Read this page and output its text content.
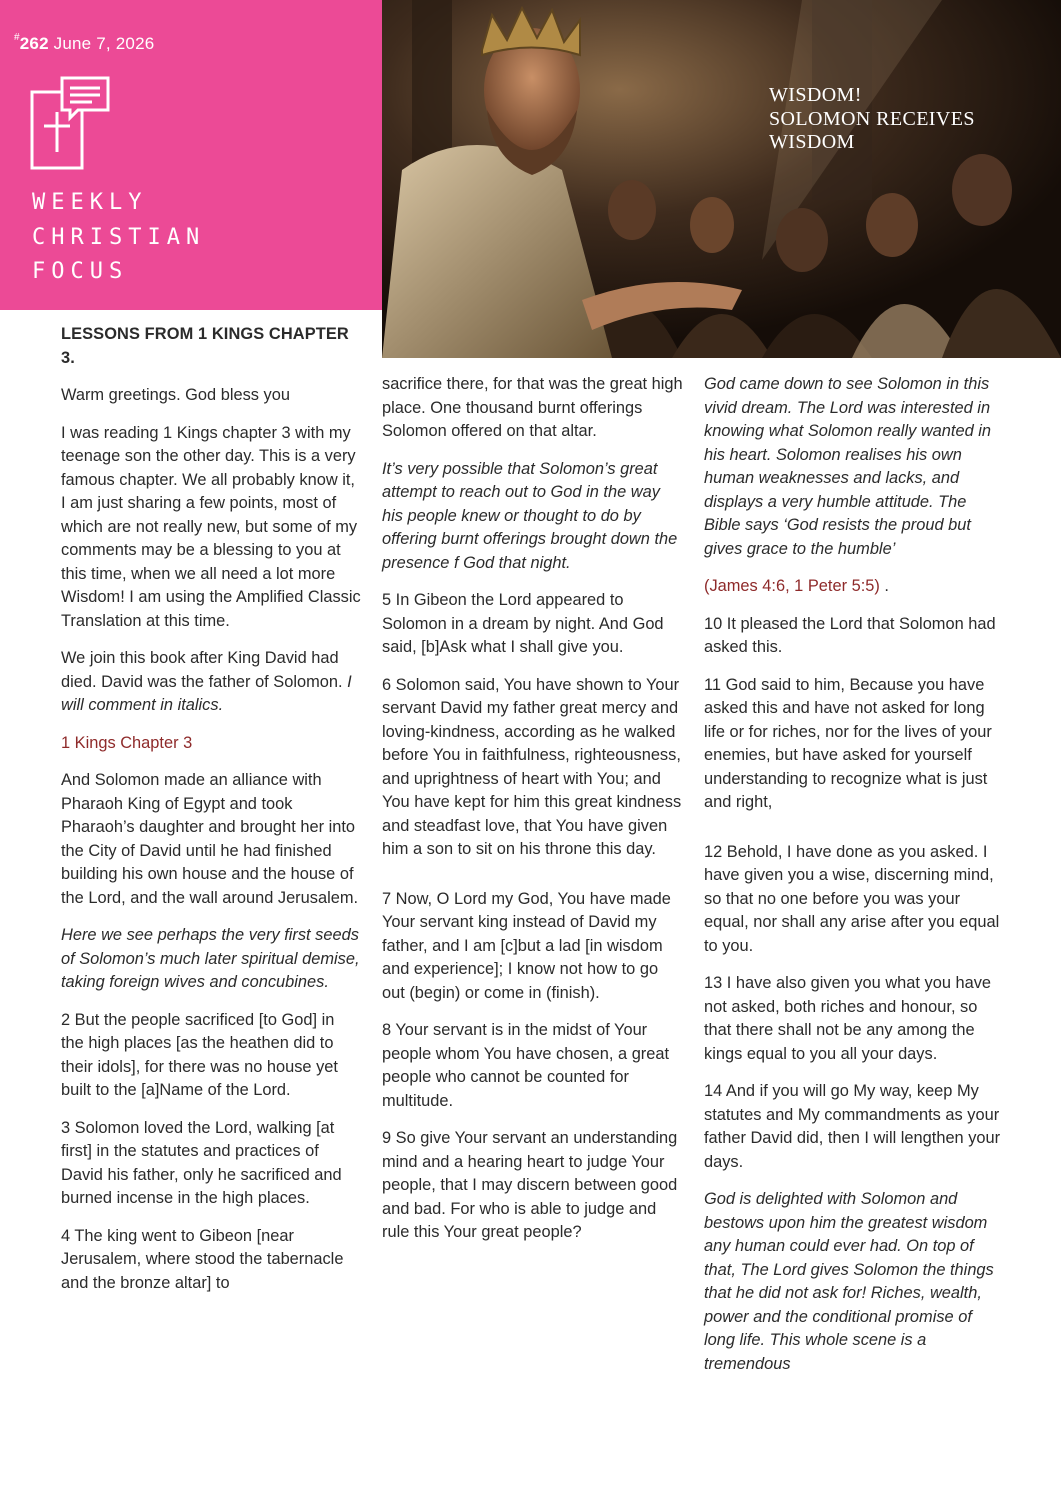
#262 June 7, 2026
WEEKLY
CHRISTIAN
FOCUS
WISDOM!
SOLOMON RECEIVES
WISDOM

LESSONS FROM 1 KINGS CHAPTER 3.

Warm greetings. God bless you

I was reading 1 Kings chapter 3 with my teenage son the other day. This is a very famous chapter. We all probably know it, I am just sharing a few points, most of which are not really new, but some of my comments may be a blessing to you at this time, when we all need a lot more Wisdom! I am using the Amplified Classic Translation at this time.

We join this book after King David had died. David was the father of Solomon. I will comment in italics.

1 Kings Chapter 3

And Solomon made an alliance with Pharaoh King of Egypt and took Pharaoh’s daughter and brought her into the City of David until he had finished building his own house and the house of the Lord, and the wall around Jerusalem.

Here we see perhaps the very first seeds of Solomon’s much later spiritual demise, taking foreign wives and concubines.

2 But the people sacrificed [to God] in the high places [as the heathen did to their idols], for there was no house yet built to the [a]Name of the Lord.

3 Solomon loved the Lord, walking [at first] in the statutes and practices of David his father, only he sacrificed and burned incense in the high places.

4 The king went to Gibeon [near Jerusalem, where stood the tabernacle and the bronze altar] to

sacrifice there, for that was the great high place. One thousand burnt offerings Solomon offered on that altar.

It’s very possible that Solomon’s great attempt to reach out to God in the way his people knew or thought to do by offering burnt offerings brought down the presence f God that night.

5 In Gibeon the Lord appeared to Solomon in a dream by night. And God said, [b]Ask what I shall give you.

6 Solomon said, You have shown to Your servant David my father great mercy and loving-kindness, according as he walked before You in faithfulness, righteousness, and uprightness of heart with You; and You have kept for him this great kindness and steadfast love, that You have given him a son to sit on his throne this day.

7 Now, O Lord my God, You have made Your servant king instead of David my father, and I am [c]but a lad [in wisdom and experience]; I know not how to go out (begin) or come in (finish).

8 Your servant is in the midst of Your people whom You have chosen, a great people who cannot be counted for multitude.

9 So give Your servant an understanding mind and a hearing heart to judge Your people, that I may discern between good and bad. For who is able to judge and rule this Your great people?

God came down to see Solomon in this vivid dream. The Lord was interested in knowing what Solomon really wanted in his heart. Solomon realises his own human weaknesses and lacks, and displays a very humble attitude. The Bible says ‘God resists the proud but gives grace to the humble’

(James 4:6, 1 Peter 5:5) .

10 It pleased the Lord that Solomon had asked this.

11 God said to him, Because you have asked this and have not asked for long life or for riches, nor for the lives of your enemies, but have asked for yourself understanding to recognize what is just and right,

12 Behold, I have done as you asked. I have given you a wise, discerning mind, so that no one before you was your equal, nor shall any arise after you equal to you.

13 I have also given you what you have not asked, both riches and honour, so that there shall not be any among the kings equal to you all your days.

14 And if you will go My way, keep My statutes and My commandments as your father David did, then I will lengthen your days.

God is delighted with Solomon and bestows upon him the greatest wisdom any human could ever had. On top of that, The Lord gives Solomon the things that he did not ask for! Riches, wealth, power and the conditional promise of long life. This whole scene is a tremendous
